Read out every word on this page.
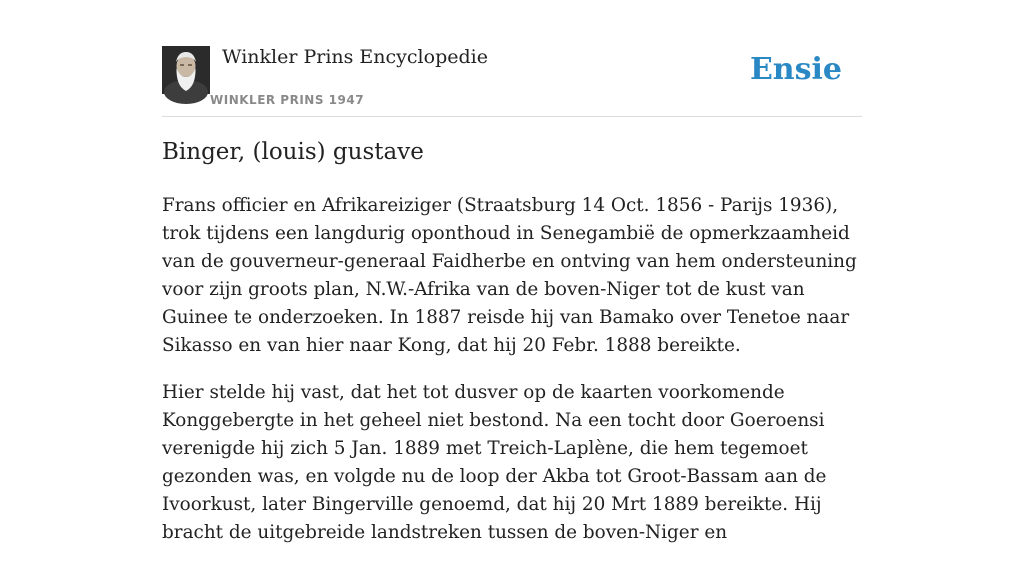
Winkler Prins Encyclopedie
WINKLER PRINS 1947
Ensie
Binger, (louis) gustave

Frans officier en Afrikareiziger (Straatsburg 14 Oct. 1856 - Parijs 1936), trok tijdens een langdurig oponthoud in Senegambië de opmerkzaamheid van de gouverneur-generaal Faidherbe en ontving van hem ondersteuning voor zijn groots plan, N.W.-Afrika van de boven-Niger tot de kust van Guinee te onderzoeken. In 1887 reisde hij van Bamako over Tenetoe naar Sikasso en van hier naar Kong, dat hij 20 Febr. 1888 bereikte.

Hier stelde hij vast, dat het tot dusver op de kaarten voorkomende Konggebergte in het geheel niet bestond. Na een tocht door Goeroensi verenigde hij zich 5 Jan. 1889 met Treich-Laplène, die hem tegemoet gezonden was, en volgde nu de loop der Akba tot Groot-Bassam aan de Ivoorkust, later Bingerville genoemd, dat hij 20 Mrt 1889 bereikte. Hij bracht de uitgebreide landstreken tussen de boven-Niger en
